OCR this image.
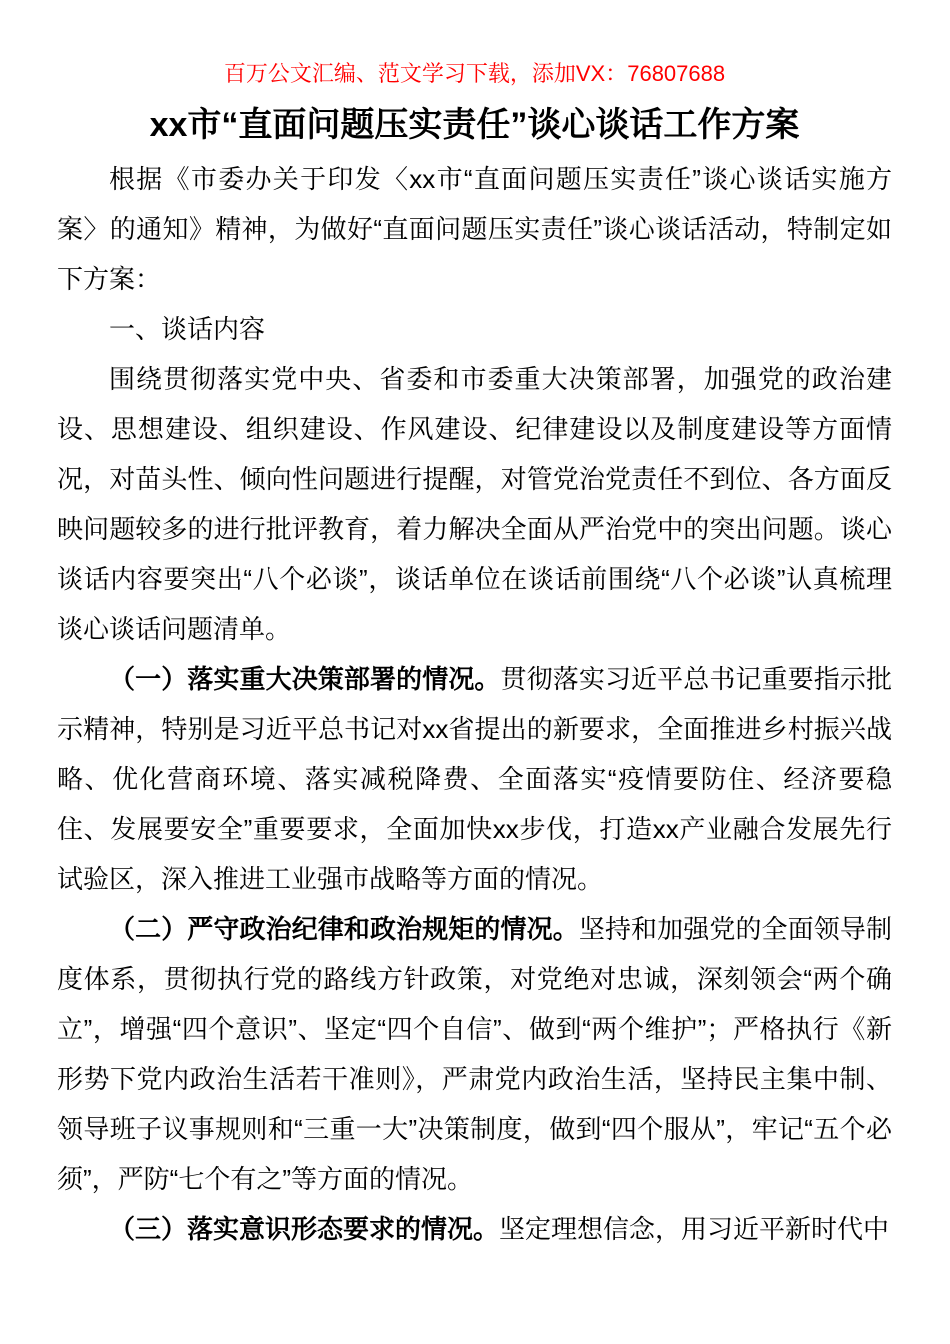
百万公文汇编、范文学习下载，添加VX：76807688
xx市“直面问题压实责任”谈心谈话工作方案

根据《市委办关于印发〈xx市“直面问题压实责任”谈心谈话实施方案〉的通知》精神，为做好“直面问题压实责任”谈心谈话活动，特制定如下方案：

一、谈话内容

围绕贯彻落实党中央、省委和市委重大决策部署，加强党的政治建设、思想建设、组织建设、作风建设、纪律建设以及制度建设等方面情况，对苗头性、倾向性问题进行提醒，对管党治党责任不到位、各方面反映问题较多的进行批评教育，着力解决全面从严治党中的突出问题。谈心谈话内容要突出“八个必谈”，谈话单位在谈话前围绕“八个必谈”认真梳理谈心谈话问题清单。

（一）落实重大决策部署的情况。贯彻落实习近平总书记重要指示批示精神，特别是习近平总书记对xx省提出的新要求，全面推进乡村振兴战略、优化营商环境、落实减税降费、全面落实“疫情要防住、经济要稳住、发展要安全”重要要求，全面加快xx步伐，打造xx产业融合发展先行试验区，深入推进工业强市战略等方面的情况。

（二）严守政治纪律和政治规矩的情况。坚持和加强党的全面领导制度体系，贯彻执行党的路线方针政策，对党绝对忠诚，深刻领会“两个确立”，增强“四个意识”、坚定“四个自信”、做到“两个维护”；严格执行《新形势下党内政治生活若干准则》，严肃党内政治生活，坚持民主集中制、领导班子议事规则和“三重一大”决策制度，做到“四个服从”，牢记“五个必须”，严防“七个有之”等方面的情况。

（三）落实意识形态要求的情况。坚定理想信念，用习近平新时代中
